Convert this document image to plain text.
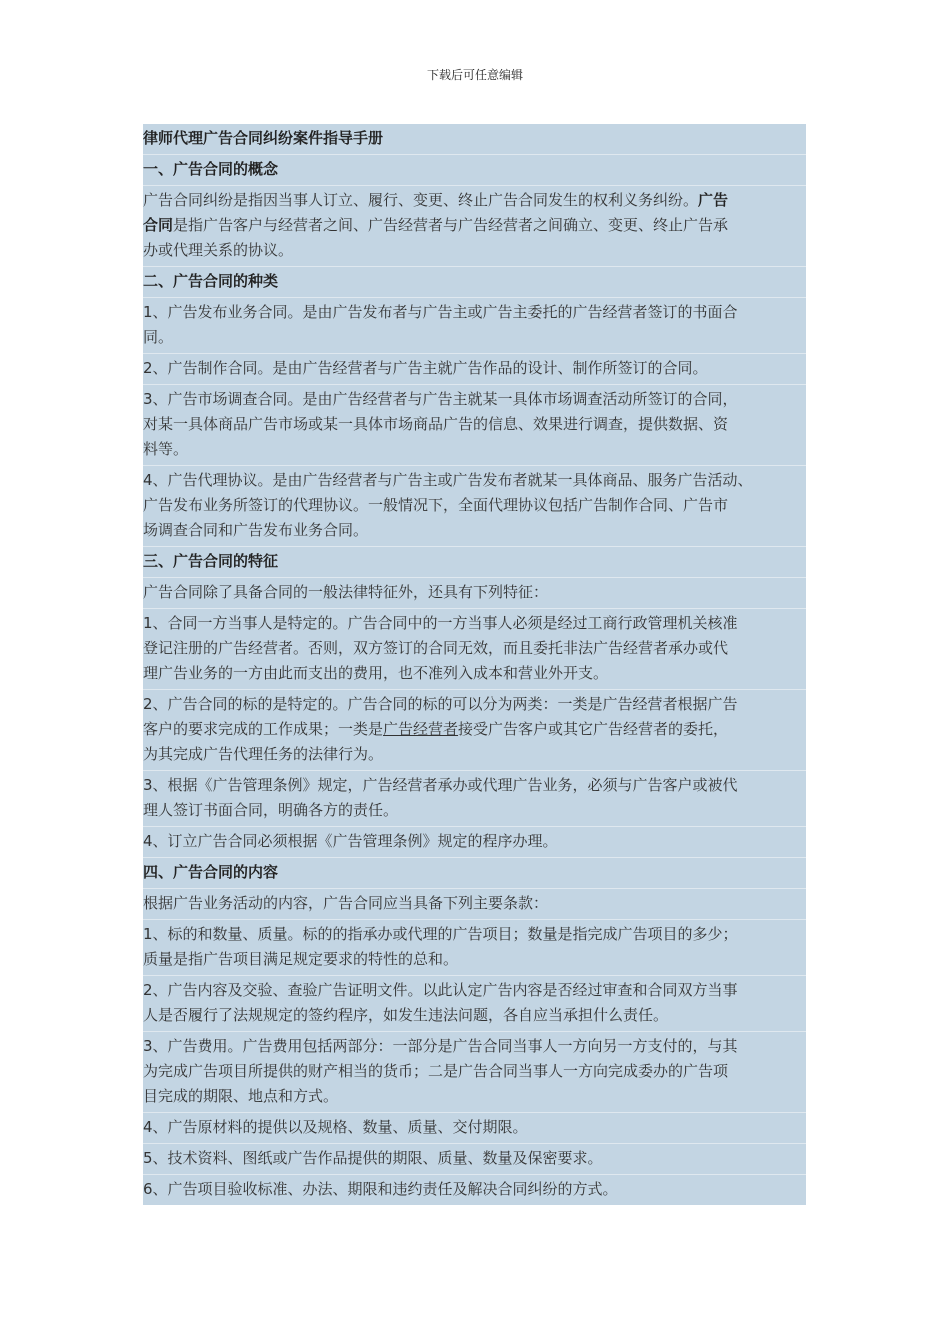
下载后可任意编辑
律师代理广告合同纠纷案件指导手册
一、广告合同的概念
广告合同纠纷是指因当事人订立、履行、变更、终止广告合同发生的权利义务纠纷。广告
合同是指广告客户与经营者之间、广告经营者与广告经营者之间确立、变更、终止广告承
办或代理关系的协议。
二、广告合同的种类
1、广告发布业务合同。是由广告发布者与广告主或广告主委托的广告经营者签订的书面合
同。
2、广告制作合同。是由广告经营者与广告主就广告作品的设计、制作所签订的合同。
3、广告市场调查合同。是由广告经营者与广告主就某一具体市场调查活动所签订的合同，
对某一具体商品广告市场或某一具体市场商品广告的信息、效果进行调查，提供数据、资
料等。
4、广告代理协议。是由广告经营者与广告主或广告发布者就某一具体商品、服务广告活动、
广告发布业务所签订的代理协议。一般情况下，全面代理协议包括广告制作合同、广告市
场调查合同和广告发布业务合同。
三、广告合同的特征
广告合同除了具备合同的一般法律特征外，还具有下列特征：
1、合同一方当事人是特定的。广告合同中的一方当事人必须是经过工商行政管理机关核准
登记注册的广告经营者。否则，双方签订的合同无效，而且委托非法广告经营者承办或代
理广告业务的一方由此而支出的费用，也不准列入成本和营业外开支。
2、广告合同的标的是特定的。广告合同的标的可以分为两类：一类是广告经营者根据广告
客户的要求完成的工作成果；一类是广告经营者接受广告客户或其它广告经营者的委托，
为其完成广告代理任务的法律行为。
3、根据《广告管理条例》规定，广告经营者承办或代理广告业务，必须与广告客户或被代
理人签订书面合同，明确各方的责任。
4、订立广告合同必须根据《广告管理条例》规定的程序办理。
四、广告合同的内容
根据广告业务活动的内容，广告合同应当具备下列主要条款：
1、标的和数量、质量。标的的指承办或代理的广告项目；数量是指完成广告项目的多少；
质量是指广告项目满足规定要求的特性的总和。
2、广告内容及交验、查验广告证明文件。以此认定广告内容是否经过审查和合同双方当事
人是否履行了法规规定的签约程序，如发生违法问题，各自应当承担什么责任。
3、广告费用。广告费用包括两部分：一部分是广告合同当事人一方向另一方支付的，与其
为完成广告项目所提供的财产相当的货币；二是广告合同当事人一方向完成委办的广告项
目完成的期限、地点和方式。
4、广告原材料的提供以及规格、数量、质量、交付期限。
5、技术资料、图纸或广告作品提供的期限、质量、数量及保密要求。
6、广告项目验收标准、办法、期限和违约责任及解决合同纠纷的方式。
